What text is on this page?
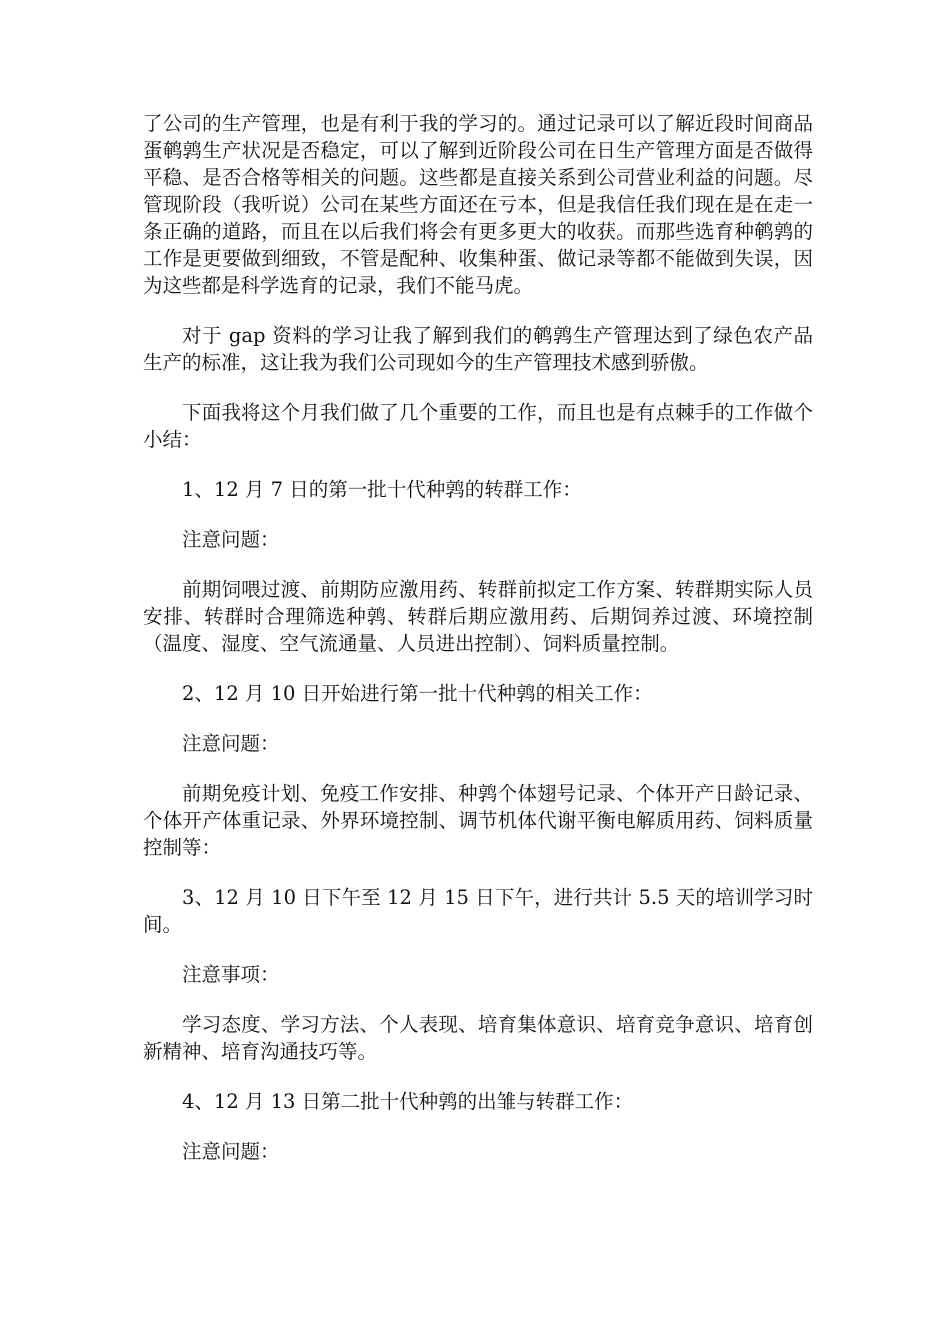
了公司的生产管理，也是有利于我的学习的。通过记录可以了解近段时间商品蛋鹌鹑生产状况是否稳定，可以了解到近阶段公司在日生产管理方面是否做得平稳、是否合格等相关的问题。这些都是直接关系到公司营业利益的问题。尽管现阶段（我听说）公司在某些方面还在亏本，但是我信任我们现在是在走一条正确的道路，而且在以后我们将会有更多更大的收获。而那些选育种鹌鹑的工作是更要做到细致，不管是配种、收集种蛋、做记录等都不能做到失误，因为这些都是科学选育的记录，我们不能马虎。

对于 gap 资料的学习让我了解到我们的鹌鹑生产管理达到了绿色农产品生产的标准，这让我为我们公司现如今的生产管理技术感到骄傲。

下面我将这个月我们做了几个重要的工作，而且也是有点棘手的工作做个小结：

1、12 月 7 日的第一批十代种鹑的转群工作：

注意问题：

前期饲喂过渡、前期防应激用药、转群前拟定工作方案、转群期实际人员安排、转群时合理筛选种鹑、转群后期应激用药、后期饲养过渡、环境控制（温度、湿度、空气流通量、人员进出控制）、饲料质量控制。

2、12 月 10 日开始进行第一批十代种鹑的相关工作：

注意问题：

前期免疫计划、免疫工作安排、种鹑个体翅号记录、个体开产日龄记录、个体开产体重记录、外界环境控制、调节机体代谢平衡电解质用药、饲料质量控制等：

3、12 月 10 日下午至 12 月 15 日下午，进行共计 5.5 天的培训学习时间。

注意事项：

学习态度、学习方法、个人表现、培育集体意识、培育竞争意识、培育创新精神、培育沟通技巧等。

4、12 月 13 日第二批十代种鹑的出雏与转群工作：

注意问题：
